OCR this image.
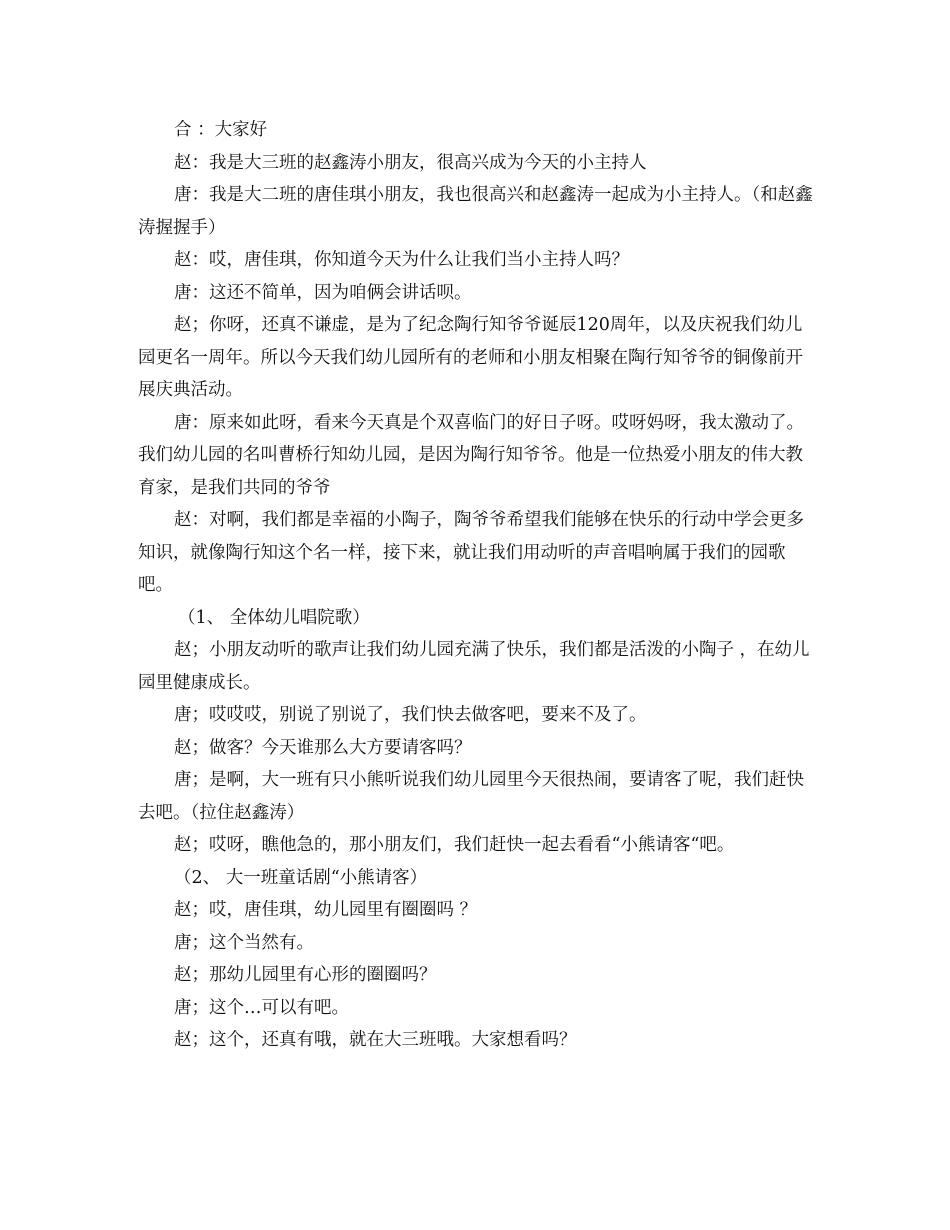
合 ：大家好

赵：我是大三班的赵鑫涛小朋友，很高兴成为今天的小主持人

唐：我是大二班的唐佳琪小朋友，我也很高兴和赵鑫涛一起成为小主持人。（和赵鑫涛握握手）

赵：哎，唐佳琪，你知道今天为什么让我们当小主持人吗？

唐：这还不简单，因为咱俩会讲话呗。

赵；你呀，还真不谦虚，是为了纪念陶行知爷爷诞辰120周年，以及庆祝我们幼儿园更名一周年。所以今天我们幼儿园所有的老师和小朋友相聚在陶行知爷爷的铜像前开展庆典活动。

唐：原来如此呀，看来今天真是个双喜临门的好日子呀。哎呀妈呀，我太激动了。我们幼儿园的名叫曹桥行知幼儿园，是因为陶行知爷爷。他是一位热爱小朋友的伟大教育家，是我们共同的爷爷

赵：对啊，我们都是幸福的小陶子，陶爷爷希望我们能够在快乐的行动中学会更多知识，就像陶行知这个名一样，接下来，就让我们用动听的声音唱响属于我们的园歌吧。

（1、 全体幼儿唱院歌）

赵；小朋友动听的歌声让我们幼儿园充满了快乐，我们都是活泼的小陶子 ，在幼儿园里健康成长。

唐；哎哎哎，别说了别说了，我们快去做客吧，要来不及了。

赵；做客？今天谁那么大方要请客吗？

唐；是啊，大一班有只小熊听说我们幼儿园里今天很热闹，要请客了呢，我们赶快去吧。（拉住赵鑫涛）

赵；哎呀，瞧他急的，那小朋友们，我们赶快一起去看看“小熊请客“吧。

（2、 大一班童话剧“小熊请客）

赵；哎，唐佳琪，幼儿园里有圈圈吗 ？

唐；这个当然有。

赵；那幼儿园里有心形的圈圈吗？

唐；这个…可以有吧。

赵；这个，还真有哦，就在大三班哦。大家想看吗？
